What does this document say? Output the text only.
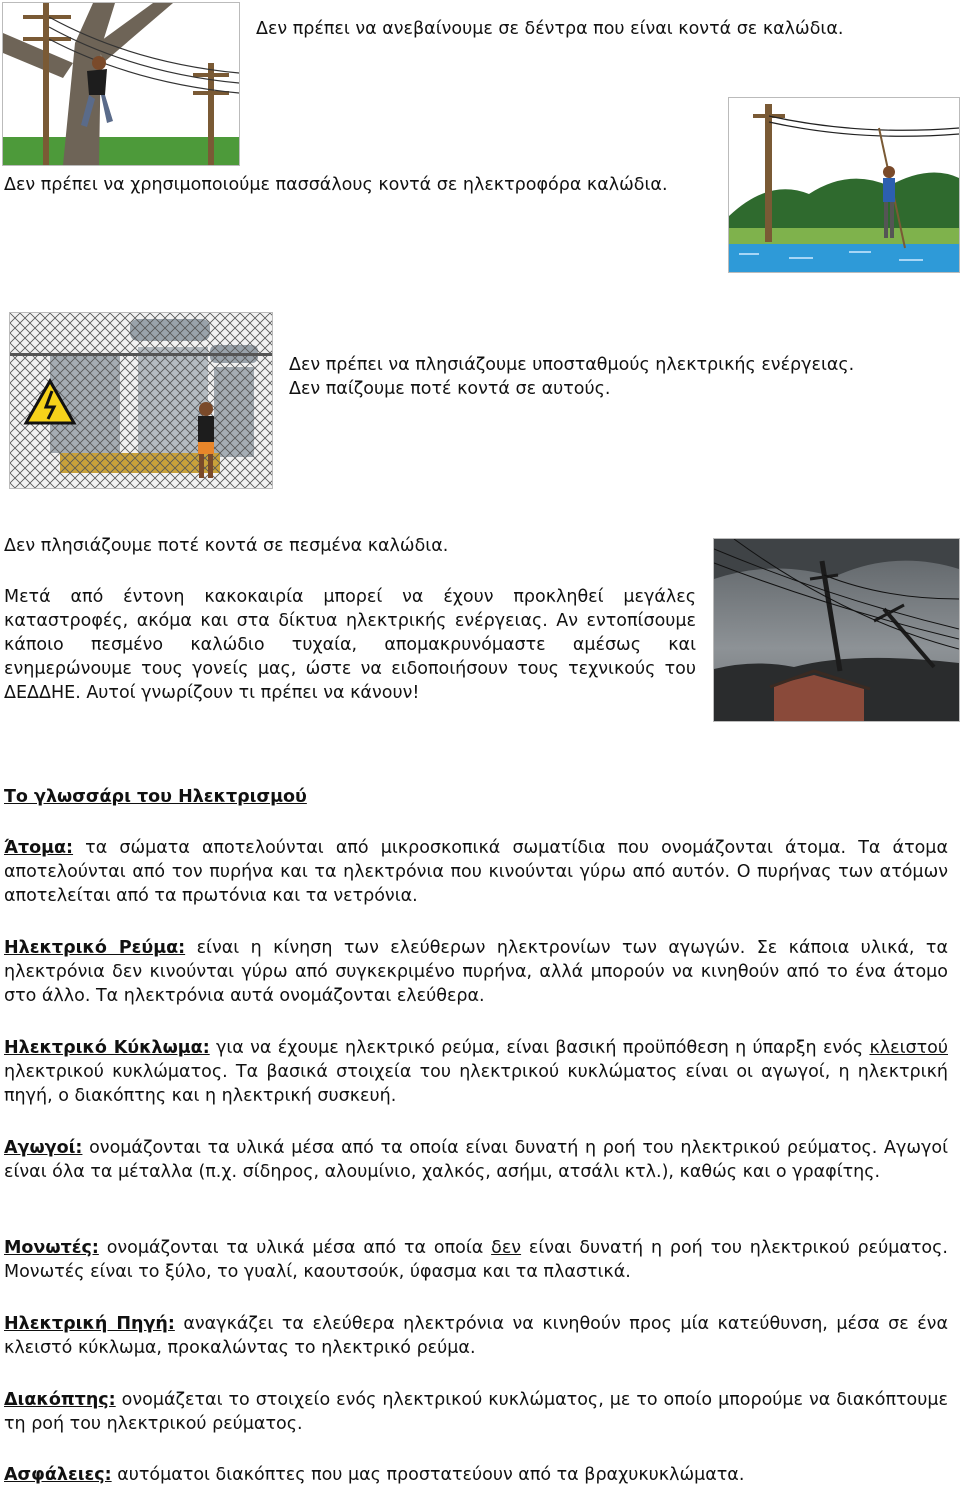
Δεν πρέπει να ανεβαίνουμε σε δέντρα που είναι κοντά σε καλώδια.
Δεν πρέπει να χρησιμοποιούμε πασσάλους κοντά σε ηλεκτροφόρα καλώδια.
Δεν πρέπει να πλησιάζουμε υποσταθμούς ηλεκτρικής ενέργειας.
Δεν παίζουμε ποτέ κοντά σε αυτούς.
Δεν πλησιάζουμε ποτέ κοντά σε πεσμένα καλώδια.
Μετά από έντονη κακοκαιρία μπορεί να έχουν προκληθεί μεγάλες καταστροφές, ακόμα και στα δίκτυα ηλεκτρικής ενέργειας. Αν εντοπίσουμε κάποιο πεσμένο καλώδιο τυχαία, απομακρυνόμαστε αμέσως και ενημερώνουμε τους γονείς μας, ώστε να ειδοποιήσουν τους τεχνικούς του ΔΕΔΔΗΕ. Αυτοί γνωρίζουν τι πρέπει να κάνουν!
Το γλωσσάρι του Ηλεκτρισμού

Άτομα: τα σώματα αποτελούνται από μικροσκοπικά σωματίδια που ονομάζονται άτομα. Τα άτομα αποτελούνται από τον πυρήνα και τα ηλεκτρόνια που κινούνται γύρω από αυτόν. Ο πυρήνας των ατόμων αποτελείται από τα πρωτόνια και τα νετρόνια.

Ηλεκτρικό Ρεύμα: είναι η κίνηση των ελεύθερων ηλεκτρονίων των αγωγών. Σε κάποια υλικά, τα ηλεκτρόνια δεν κινούνται γύρω από συγκεκριμένο πυρήνα, αλλά μπορούν να κινηθούν από το ένα άτομο στο άλλο. Τα ηλεκτρόνια αυτά ονομάζονται ελεύθερα.

Ηλεκτρικό Κύκλωμα: για να έχουμε ηλεκτρικό ρεύμα, είναι βασική προϋπόθεση η ύπαρξη ενός κλειστού ηλεκτρικού κυκλώματος. Τα βασικά στοιχεία του ηλεκτρικού κυκλώματος είναι οι αγωγοί, η ηλεκτρική πηγή, ο διακόπτης και η ηλεκτρική συσκευή.

Αγωγοί: ονομάζονται τα υλικά μέσα από τα οποία είναι δυνατή η ροή του ηλεκτρικού ρεύματος. Αγωγοί είναι όλα τα μέταλλα (π.χ. σίδηρος, αλουμίνιο, χαλκός, ασήμι, ατσάλι κτλ.), καθώς και ο γραφίτης.

Μονωτές: ονομάζονται τα υλικά μέσα από τα οποία δεν είναι δυνατή η ροή του ηλεκτρικού ρεύματος. Μονωτές είναι το ξύλο, το γυαλί, καουτσούκ, ύφασμα και τα πλαστικά.

Ηλεκτρική Πηγή: αναγκάζει τα ελεύθερα ηλεκτρόνια να κινηθούν προς μία κατεύθυνση, μέσα σε ένα κλειστό κύκλωμα, προκαλώντας το ηλεκτρικό ρεύμα.

Διακόπτης: ονομάζεται το στοιχείο ενός ηλεκτρικού κυκλώματος, με το οποίο μπορούμε να διακόπτουμε τη ροή του ηλεκτρικού ρεύματος.

Ασφάλειες: αυτόματοι διακόπτες που μας προστατεύουν από τα βραχυκυκλώματα.
